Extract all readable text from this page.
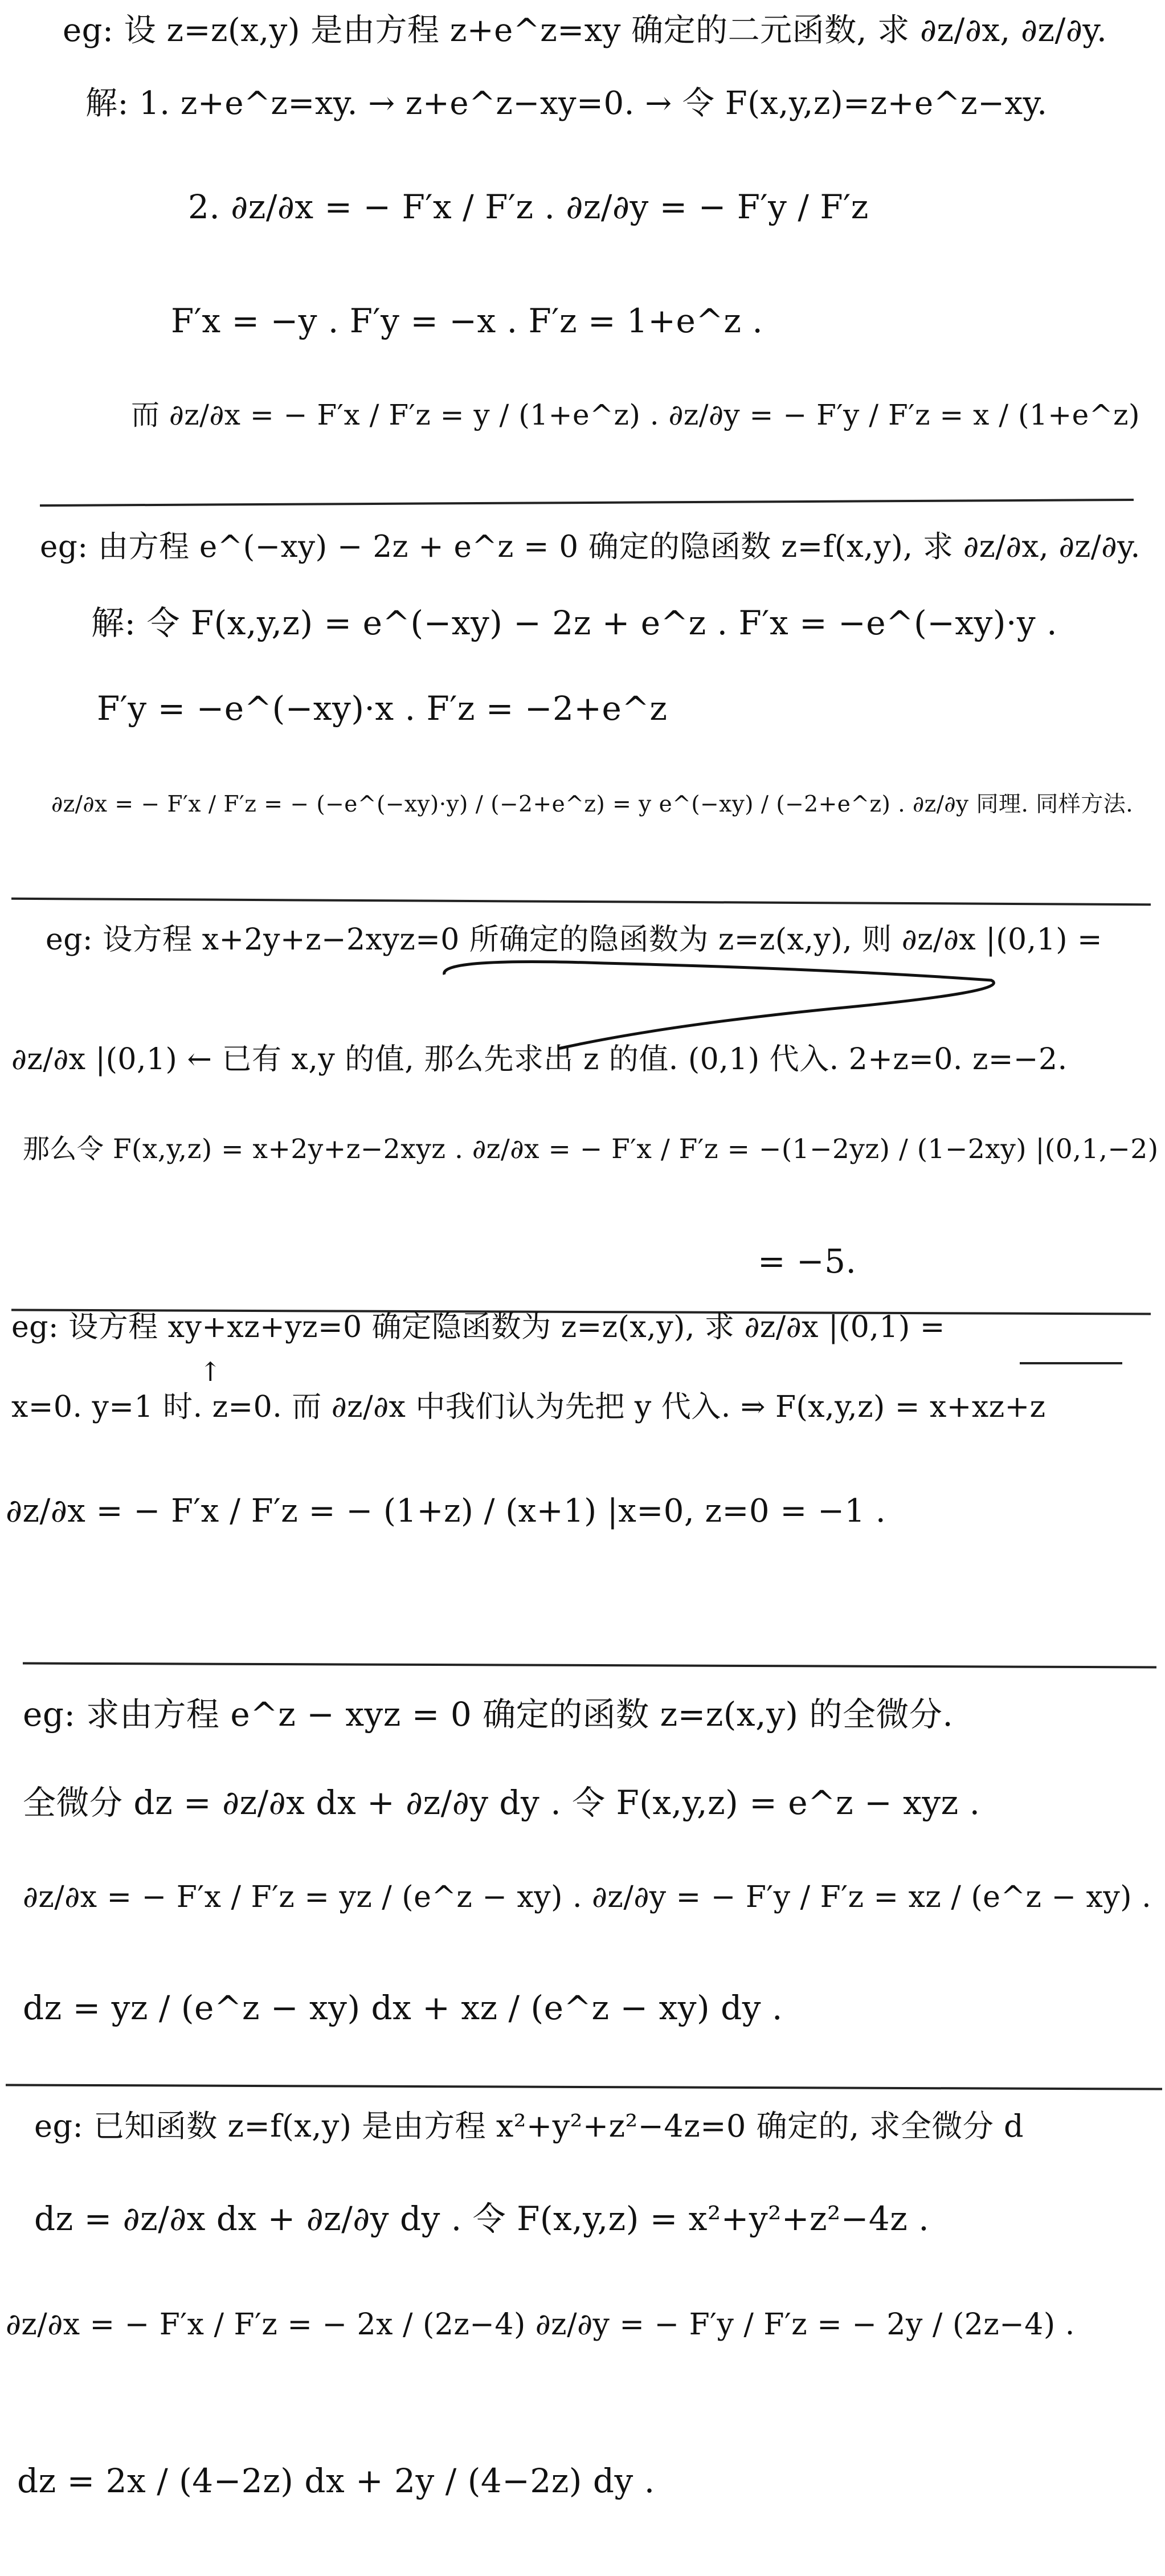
eg: 设 z=z(x,y) 是由方程 z+e^z=xy 确定的二元函数, 求 ∂z/∂x, ∂z/∂y.
解: 1. z+e^z=xy. → z+e^z−xy=0. → 令 F(x,y,z)=z+e^z−xy.
2. ∂z/∂x = − F′x / F′z . ∂z/∂y = − F′y / F′z
F′x = −y . F′y = −x . F′z = 1+e^z .
而 ∂z/∂x = − F′x / F′z = y / (1+e^z) . ∂z/∂y = − F′y / F′z = x / (1+e^z)
eg: 由方程 e^(−xy) − 2z + e^z = 0 确定的隐函数 z=f(x,y), 求 ∂z/∂x, ∂z/∂y.
解: 令 F(x,y,z) = e^(−xy) − 2z + e^z . F′x = −e^(−xy)·y .
F′y = −e^(−xy)·x . F′z = −2+e^z
∂z/∂x = − F′x / F′z = − (−e^(−xy)·y) / (−2+e^z) = y e^(−xy) / (−2+e^z) . ∂z/∂y 同理. 同样方法.
eg: 设方程 x+2y+z−2xyz=0 所确定的隐函数为 z=z(x,y), 则 ∂z/∂x |(0,1) =
∂z/∂x |(0,1) ← 已有 x,y 的值, 那么先求出 z 的值. (0,1) 代入. 2+z=0. z=−2.
那么令 F(x,y,z) = x+2y+z−2xyz . ∂z/∂x = − F′x / F′z = −(1−2yz) / (1−2xy) |(0,1,−2)
= −5.
eg: 设方程 xy+xz+yz=0 确定隐函数为 z=z(x,y), 求 ∂z/∂x |(0,1) =
↑
x=0. y=1 时. z=0. 而 ∂z/∂x 中我们认为先把 y 代入. ⇒ F(x,y,z) = x+xz+z
∂z/∂x = − F′x / F′z = − (1+z) / (x+1) |x=0, z=0 = −1 .
eg: 求由方程 e^z − xyz = 0 确定的函数 z=z(x,y) 的全微分.
全微分 dz = ∂z/∂x dx + ∂z/∂y dy . 令 F(x,y,z) = e^z − xyz .
∂z/∂x = − F′x / F′z = yz / (e^z − xy) . ∂z/∂y = − F′y / F′z = xz / (e^z − xy) .
dz = yz / (e^z − xy) dx + xz / (e^z − xy) dy .
eg: 已知函数 z=f(x,y) 是由方程 x²+y²+z²−4z=0 确定的, 求全微分 d
dz = ∂z/∂x dx + ∂z/∂y dy . 令 F(x,y,z) = x²+y²+z²−4z .
∂z/∂x = − F′x / F′z = − 2x / (2z−4) ∂z/∂y = − F′y / F′z = − 2y / (2z−4) .
dz = 2x / (4−2z) dx + 2y / (4−2z) dy .
